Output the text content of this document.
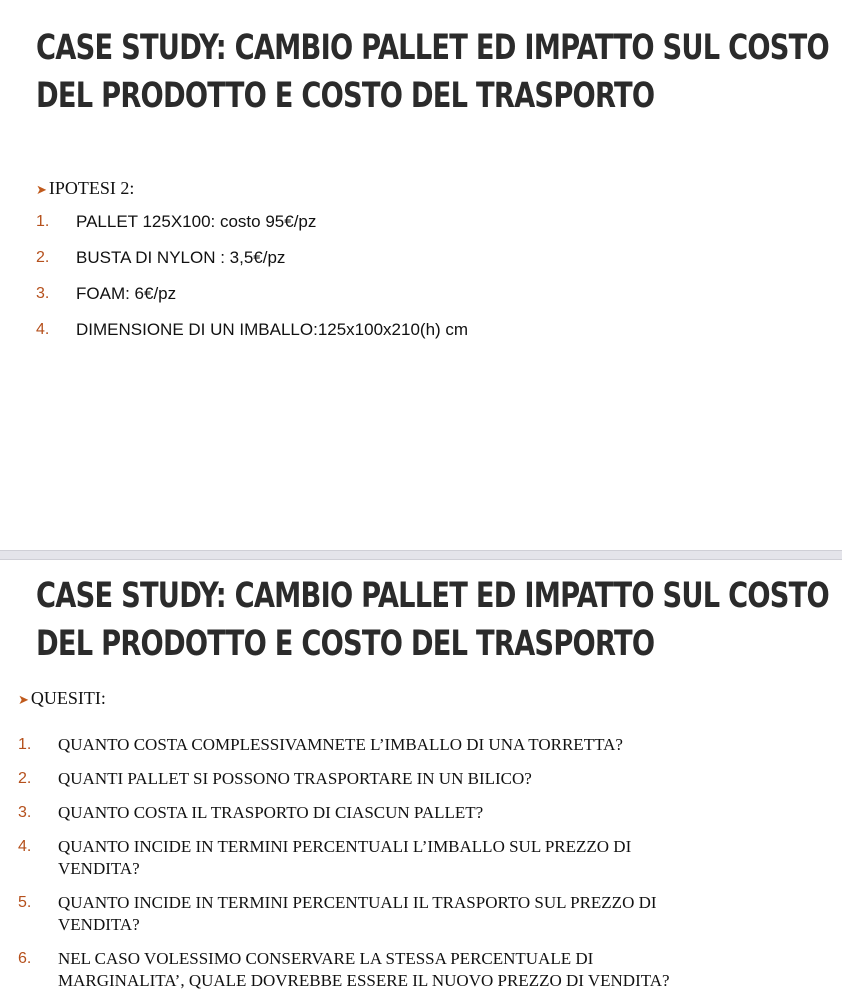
CASE STUDY: CAMBIO PALLET ED IMPATTO SUL COSTO
DEL PRODOTTO E COSTO DEL TRASPORTO
➤ IPOTESI 2:
1. PALLET 125X100: costo 95€/pz
2. BUSTA DI NYLON : 3,5€/pz
3. FOAM: 6€/pz
4. DIMENSIONE DI UN IMBALLO:125x100x210(h) cm
CASE STUDY: CAMBIO PALLET ED IMPATTO SUL COSTO
DEL PRODOTTO E COSTO DEL TRASPORTO
➤ QUESITI:
1. QUANTO COSTA COMPLESSIVAMNETE L’IMBALLO DI UNA TORRETTA?
2. QUANTI PALLET SI POSSONO TRASPORTARE IN UN BILICO?
3. QUANTO COSTA IL TRASPORTO DI CIASCUN PALLET?
4. QUANTO INCIDE IN TERMINI PERCENTUALI L’IMBALLO SUL PREZZO DI
VENDITA?
5. QUANTO INCIDE IN TERMINI PERCENTUALI IL TRASPORTO SUL PREZZO DI
VENDITA?
6. NEL CASO VOLESSIMO CONSERVARE LA STESSA PERCENTUALE DI
MARGINALITA’, QUALE DOVREBBE ESSERE IL NUOVO PREZZO DI VENDITA?
